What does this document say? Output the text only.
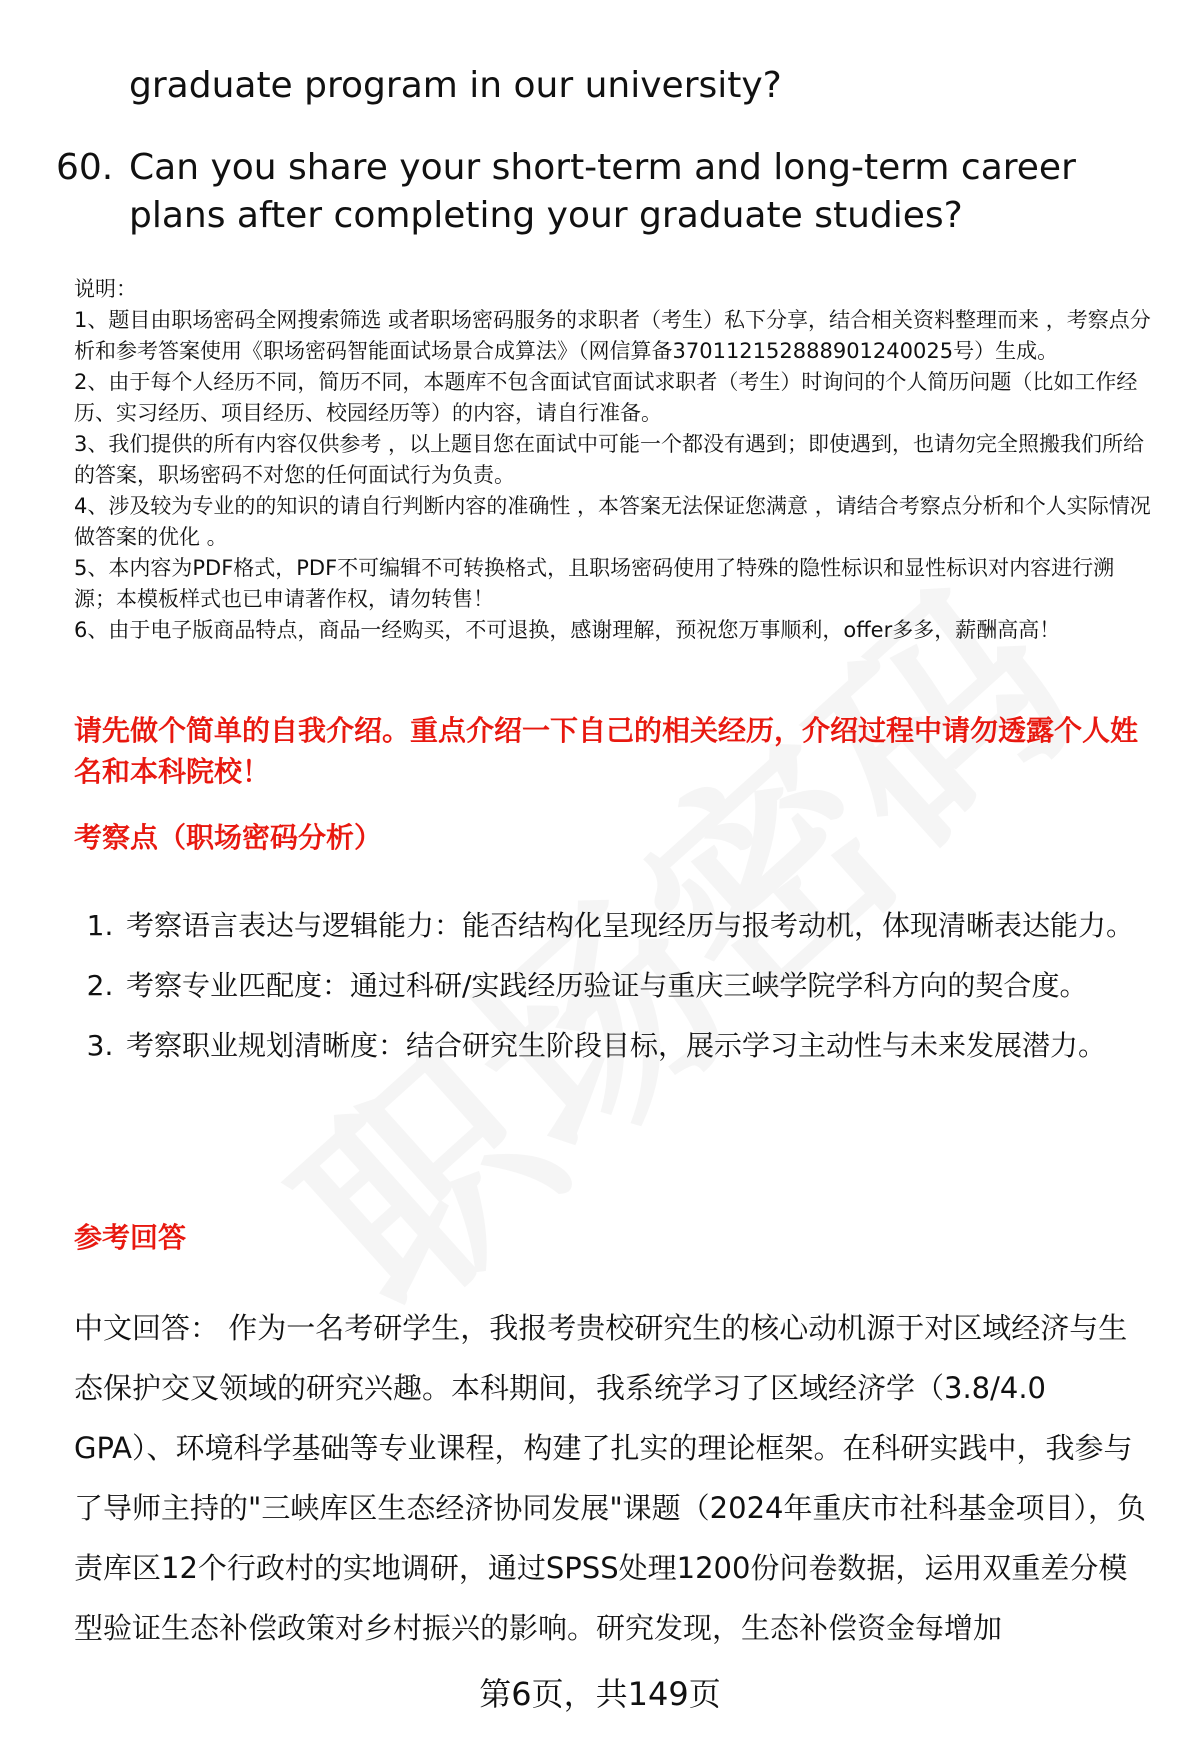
graduate program in our university?
60. Can you share your short-term and long-term career plans after completing your graduate studies?

说明：

1、题目由职场密码全网搜索筛选 或者职场密码服务的求职者（考生）私下分享，结合相关资料整理而来 ，考察点分析和参考答案使用《职场密码智能面试场景合成算法》（网信算备370112152888901240025号）生成。

2、由于每个人经历不同，简历不同，本题库不包含面试官面试求职者（考生）时询问的个人简历问题（比如工作经历、实习经历、项目经历、校园经历等）的内容，请自行准备。

3、我们提供的所有内容仅供参考 ，以上题目您在面试中可能一个都没有遇到；即使遇到，也请勿完全照搬我们所给的答案，职场密码不对您的任何面试行为负责。

4、涉及较为专业的的知识的请自行判断内容的准确性 ，本答案无法保证您满意 ，请结合考察点分析和个人实际情况做答案的优化 。

5、本内容为PDF格式，PDF不可编辑不可转换格式，且职场密码使用了特殊的隐性标识和显性标识对内容进行溯源；本模板样式也已申请著作权，请勿转售！

6、由于电子版商品特点，商品一经购买，不可退换，感谢理解，预祝您万事顺利，offer多多，薪酬高高！

请先做个简单的自我介绍。重点介绍一下自己的相关经历，介绍过程中请勿透露个人姓名和本科院校！
考察点（职场密码分析）
1. 考察语言表达与逻辑能力：能否结构化呈现经历与报考动机，体现清晰表达能力。
2. 考察专业匹配度：通过科研/实践经历验证与重庆三峡学院学科方向的契合度。
3. 考察职业规划清晰度：结合研究生阶段目标，展示学习主动性与未来发展潜力。
参考回答

中文回答： 作为一名考研学生，我报考贵校研究生的核心动机源于对区域经济与生态保护交叉领域的研究兴趣。本科期间，我系统学习了区域经济学（3.8/4.0 GPA）、环境科学基础等专业课程，构建了扎实的理论框架。在科研实践中，我参与了导师主持的"三峡库区生态经济协同发展"课题（2024年重庆市社科基金项目），负责库区12个行政村的实地调研，通过SPSS处理1200份问卷数据，运用双重差分模型验证生态补偿政策对乡村振兴的影响。研究发现，生态补偿资金每增加

第6页，共149页
